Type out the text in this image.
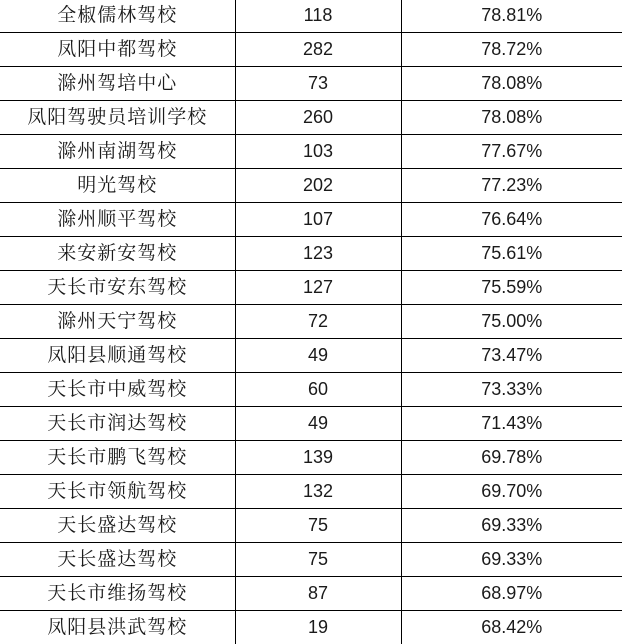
全椒儒林驾校	118	78.81%
凤阳中都驾校	282	78.72%
滁州驾培中心	73	78.08%
凤阳驾驶员培训学校	260	78.08%
滁州南湖驾校	103	77.67%
明光驾校	202	77.23%
滁州顺平驾校	107	76.64%
来安新安驾校	123	75.61%
天长市安东驾校	127	75.59%
滁州天宁驾校	72	75.00%
凤阳县顺通驾校	49	73.47%
天长市中威驾校	60	73.33%
天长市润达驾校	49	71.43%
天长市鹏飞驾校	139	69.78%
天长市领航驾校	132	69.70%
天长盛达驾校	75	69.33%
天长盛达驾校	75	69.33%
天长市维扬驾校	87	68.97%
凤阳县洪武驾校	19	68.42%
